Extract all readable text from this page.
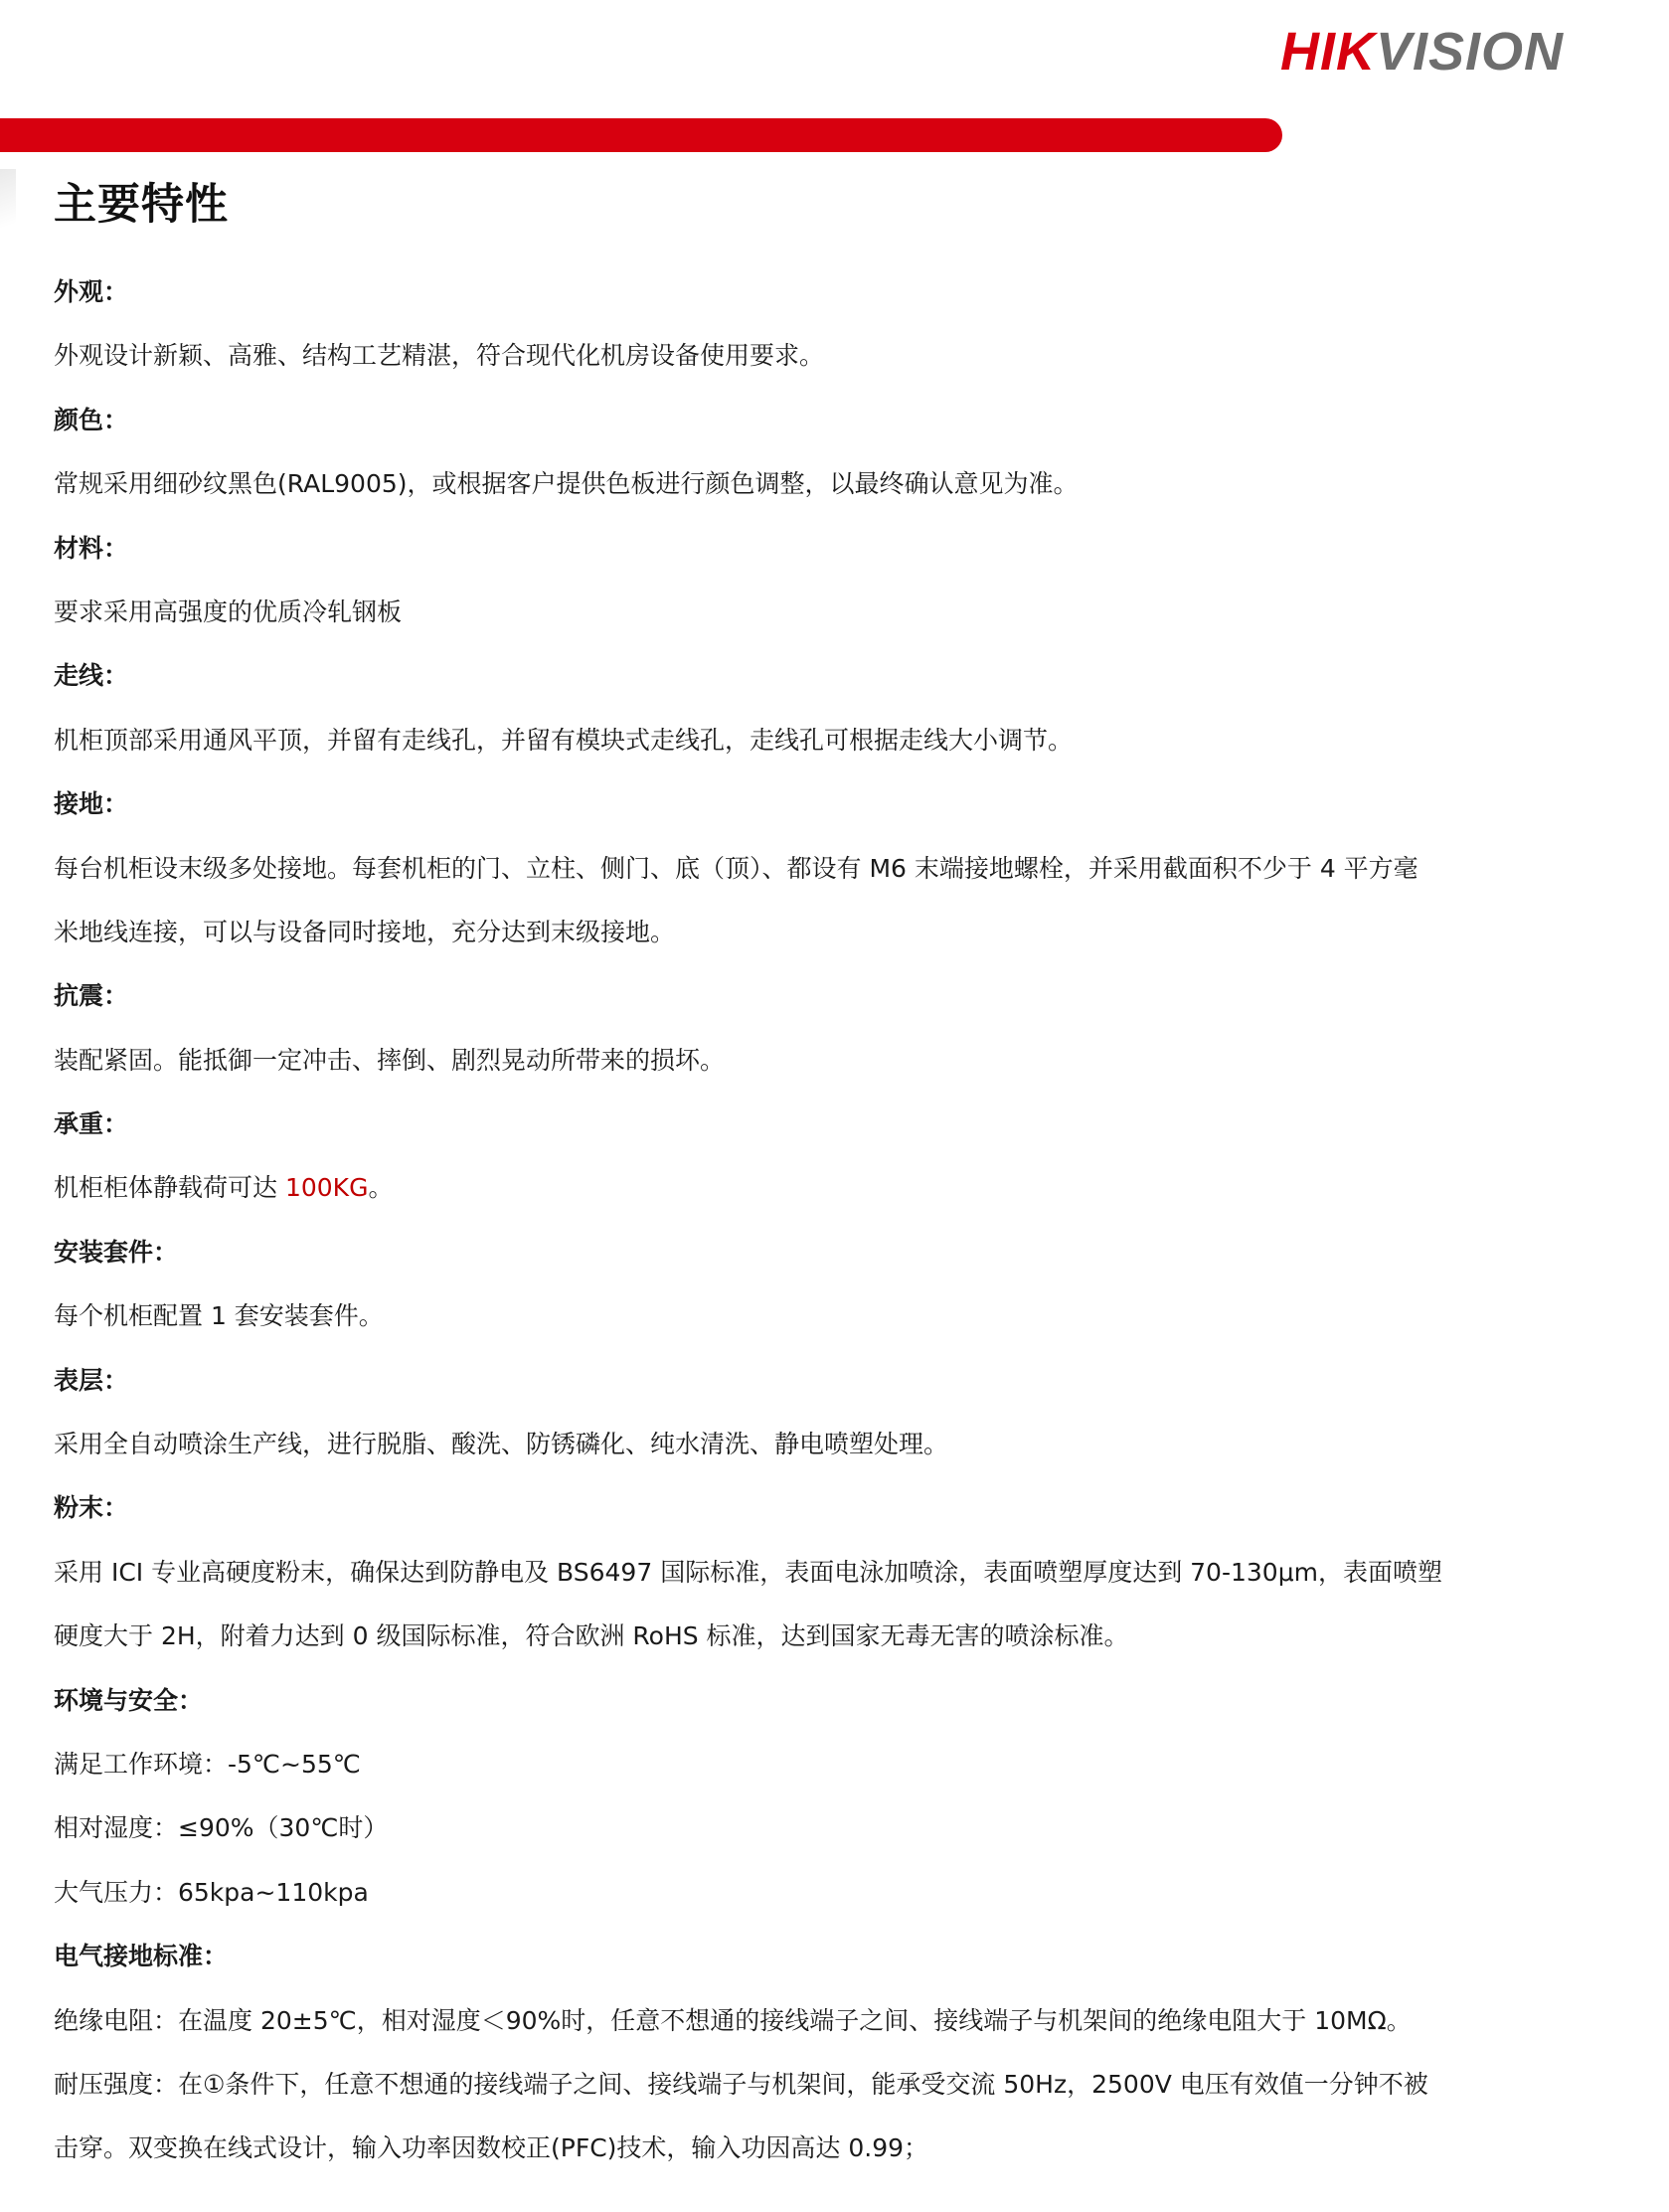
HIKVISION
主要特性
外观：
外观设计新颖、高雅、结构工艺精湛，符合现代化机房设备使用要求。
颜色：
常规采用细砂纹黑色(RAL9005)，或根据客户提供色板进行颜色调整，以最终确认意见为准。
材料：
要求采用高强度的优质冷轧钢板
走线：
机柜顶部采用通风平顶，并留有走线孔，并留有模块式走线孔，走线孔可根据走线大小调节。
接地：
每台机柜设末级多处接地。每套机柜的门、立柱、侧门、底（顶）、都设有 M6 末端接地螺栓，并采用截面积不少于 4 平方毫
米地线连接，可以与设备同时接地，充分达到末级接地。
抗震：
装配紧固。能抵御一定冲击、摔倒、剧烈晃动所带来的损坏。
承重：
机柜柜体静载荷可达 100KG。
安装套件：
每个机柜配置 1 套安装套件。
表层：
采用全自动喷涂生产线，进行脱脂、酸洗、防锈磷化、纯水清洗、静电喷塑处理。
粉末：
采用 ICI 专业高硬度粉末，确保达到防静电及 BS6497 国际标准，表面电泳加喷涂，表面喷塑厚度达到 70-130μm，表面喷塑
硬度大于 2H，附着力达到 0 级国际标准，符合欧洲 RoHS 标准，达到国家无毒无害的喷涂标准。
环境与安全：
满足工作环境：-5℃~55℃
相对湿度：≤90%（30℃时）
大气压力：65kpa~110kpa
电气接地标准：
绝缘电阻：在温度 20±5℃，相对湿度＜90%时，任意不想通的接线端子之间、接线端子与机架间的绝缘电阻大于 10MΩ。
耐压强度：在①条件下，任意不想通的接线端子之间、接线端子与机架间，能承受交流 50Hz，2500V 电压有效值一分钟不被
击穿。双变换在线式设计，输入功率因数校正(PFC)技术，输入功因高达 0.99；
